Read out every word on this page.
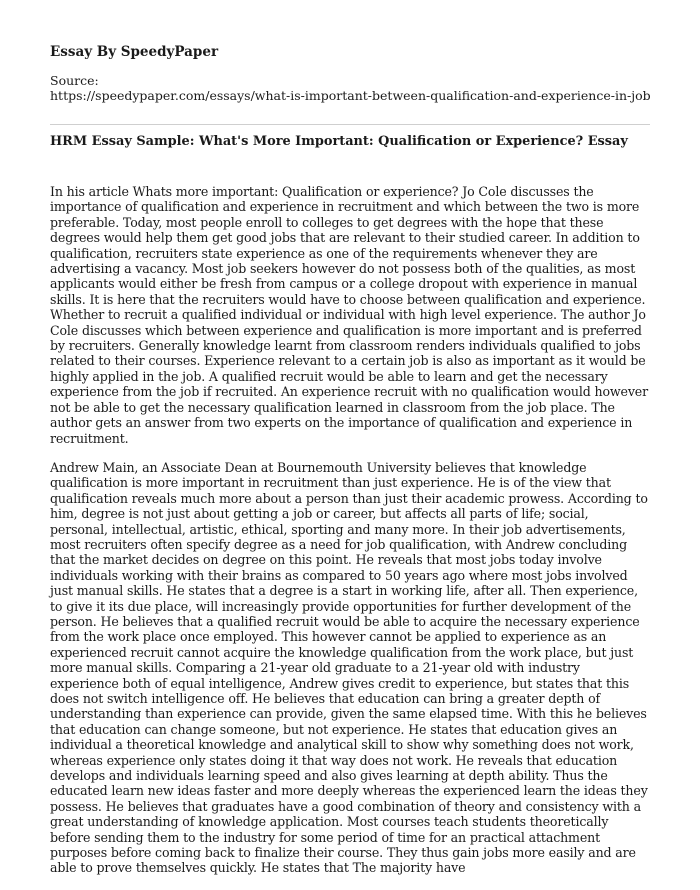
Essay By SpeedyPaper
Source:
https://speedypaper.com/essays/what-is-important-between-qualification-and-experience-in-job
HRM Essay Sample: What's More Important: Qualification or Experience? Essay

In his article Whats more important: Qualification or experience? Jo Cole discusses the importance of qualification and experience in recruitment and which between the two is more preferable. Today, most people enroll to colleges to get degrees with the hope that these degrees would help them get good jobs that are relevant to their studied career. In addition to qualification, recruiters state experience as one of the requirements whenever they are advertising a vacancy. Most job seekers however do not possess both of the qualities, as most applicants would either be fresh from campus or a college dropout with experience in manual skills. It is here that the recruiters would have to choose between qualification and experience. Whether to recruit a qualified individual or individual with high level experience. The author Jo Cole discusses which between experience and qualification is more important and is preferred by recruiters. Generally knowledge learnt from classroom renders individuals qualified to jobs related to their courses. Experience relevant to a certain job is also as important as it would be highly applied in the job. A qualified recruit would be able to learn and get the necessary experience from the job if recruited. An experience recruit with no qualification would however not be able to get the necessary qualification learned in classroom from the job place. The author gets an answer from two experts on the importance of qualification and experience in recruitment.

Andrew Main, an Associate Dean at Bournemouth University believes that knowledge qualification is more important in recruitment than just experience. He is of the view that qualification reveals much more about a person than just their academic prowess. According to him, degree is not just about getting a job or career, but affects all parts of life; social, personal, intellectual, artistic, ethical, sporting and many more. In their job advertisements, most recruiters often specify degree as a need for job qualification, with Andrew concluding that the market decides on degree on this point. He reveals that most jobs today involve individuals working with their brains as compared to 50 years ago where most jobs involved just manual skills. He states that a degree is a start in working life, after all. Then experience, to give it its due place, will increasingly provide opportunities for further development of the person. He believes that a qualified recruit would be able to acquire the necessary experience from the work place once employed. This however cannot be applied to experience as an experienced recruit cannot acquire the knowledge qualification from the work place, but just more manual skills. Comparing a 21-year old graduate to a 21-year old with industry experience both of equal intelligence, Andrew gives credit to experience, but states that this does not switch intelligence off. He believes that education can bring a greater depth of understanding than experience can provide, given the same elapsed time. With this he believes that education can change someone, but not experience. He states that education gives an individual a theoretical knowledge and analytical skill to show why something does not work, whereas experience only states doing it that way does not work. He reveals that education develops and individuals learning speed and also gives learning at depth ability. Thus the educated learn new ideas faster and more deeply whereas the experienced learn the ideas they possess. He believes that graduates have a good combination of theory and consistency with a great understanding of knowledge application. Most courses teach students theoretically before sending them to the industry for some period of time for an practical attachment purposes before coming back to finalize their course. They thus gain jobs more easily and are able to prove themselves quickly. He states that The majority have
